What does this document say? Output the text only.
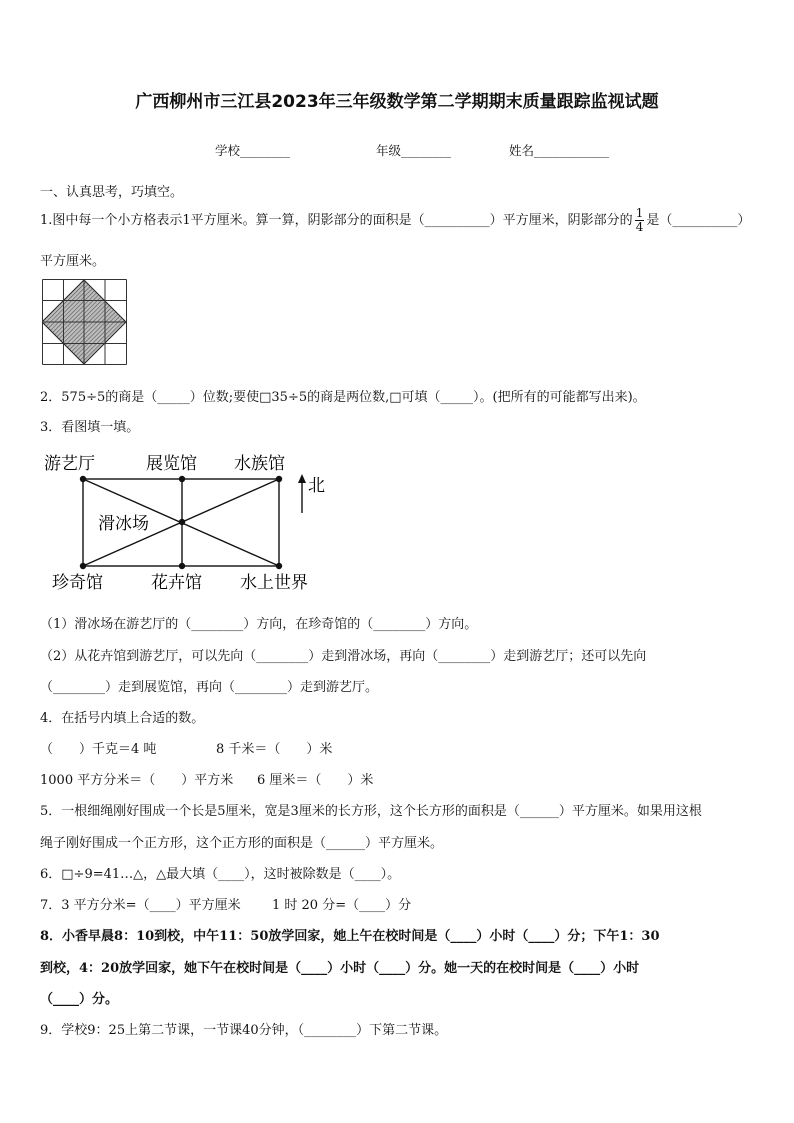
广西柳州市三江县2023年三年级数学第二学期期末质量跟踪监视试题
学校________	年级________	姓名____________
一、认真思考，巧填空。
1.图中每一个小方格表示1平方厘米。算一算，阴影部分的面积是（__________）平方厘米，阴影部分的 $\frac{1}{4}$ 是（__________）
平方厘米。
2．575÷5的商是（_____）位数;要使□35÷5的商是两位数,□可填（_____）。(把所有的可能都写出来)。
3．看图填一填。
游艺厅	展览馆 水族馆
滑冰场
珍奇馆	花卉馆 水上世界
北
（1）滑冰场在游艺厅的（________）方向，在珍奇馆的（________）方向。
（2）从花卉馆到游艺厅，可以先向（________）走到滑冰场，再向（________）走到游艺厅；还可以先向
（________）走到展览馆，再向（________）走到游艺厅。
4．在括号内填上合适的数。
（　　）千克＝4 吨	8 千米＝（　　）米
1000 平方分米＝（　　）平方米 6 厘米＝（　　）米
5．一根细绳刚好围成一个长是5厘米，宽是3厘米的长方形，这个长方形的面积是（______）平方厘米。如果用这根
绳子刚好围成一个正方形，这个正方形的面积是（______）平方厘米。
6．□÷9=41…△，△最大填（____），这时被除数是（____）。
7．3 平方分米=（____）平方厘米 1 时 20 分=（____）分
8．小香早晨8：10到校，中午11：50放学回家，她上午在校时间是（____）小时（____）分；下午1：30
到校，4：20放学回家，她下午在校时间是（____）小时（____）分。她一天的在校时间是（____）小时
（____）分。
9．学校9：25上第二节课，一节课40分钟，（________）下第二节课。
